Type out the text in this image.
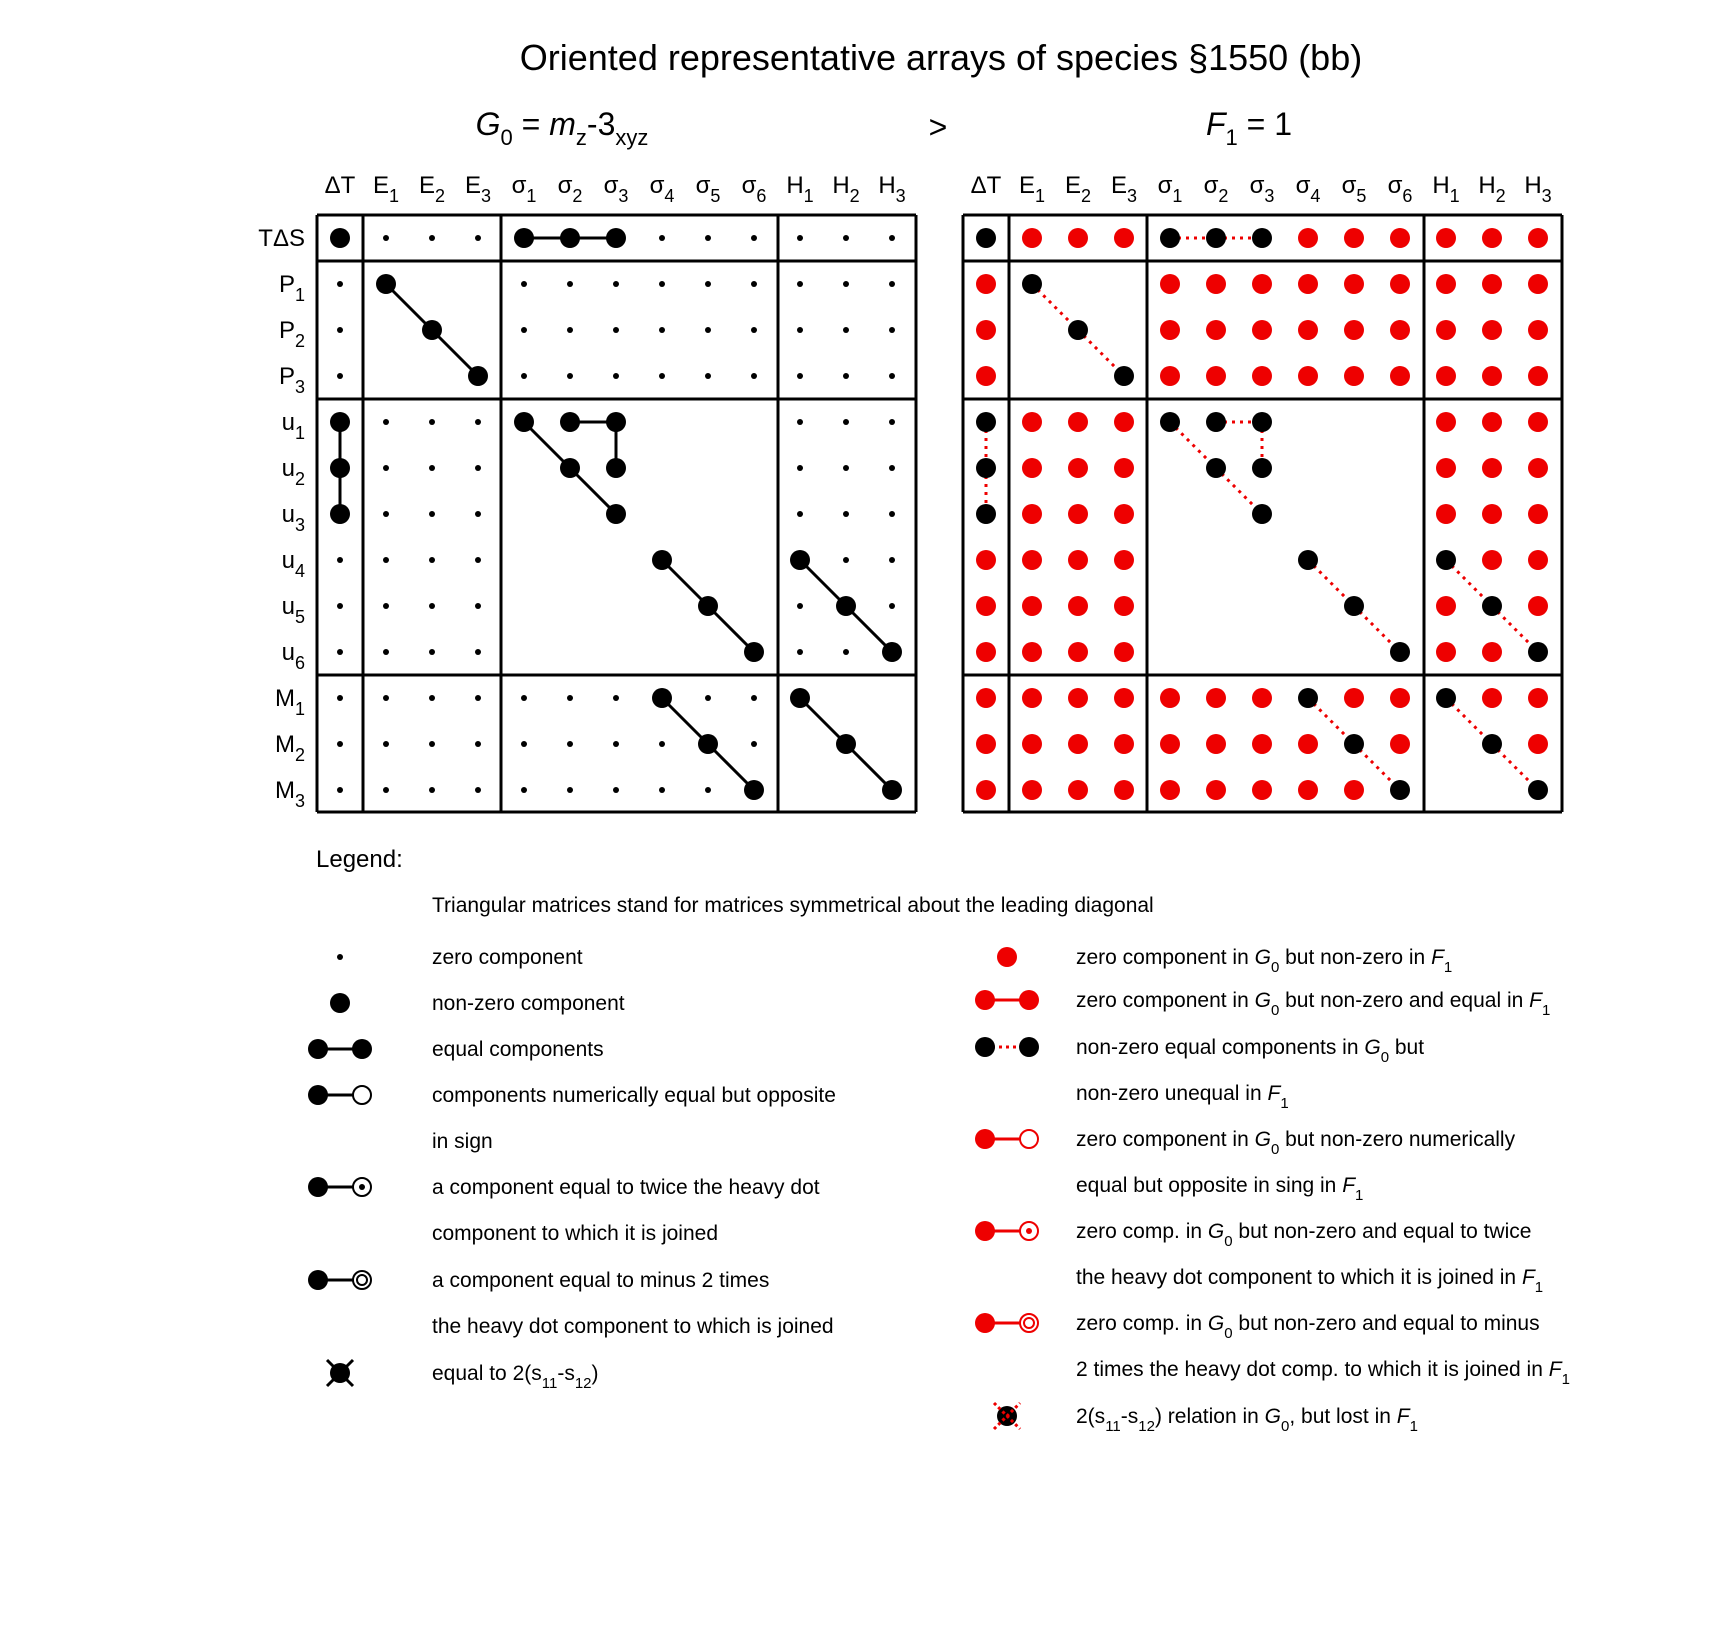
Oriented representative arrays of species §1550 (bb)
$G_0 = m_z-3_{xyz}$	>	$F_1 = 1$
ΔT $E_1$ $E_2$ $E_3$ $\sigma_1$ $\sigma_2$ $\sigma_3$ $\sigma_4$ $\sigma_5$ $\sigma_6$ $H_1$ $H_2$ $H_3$
TΔS
$P_1$
$P_2$
$P_3$
$u_1$
$u_2$
$u_3$
$u_4$
$u_5$
$u_6$
$M_1$
$M_2$
$M_3$
ΔT $E_1$ $E_2$ $E_3$ $\sigma_1$ $\sigma_2$ $\sigma_3$ $\sigma_4$ $\sigma_5$ $\sigma_6$ $H_1$ $H_2$ $H_3$
Legend:
Triangular matrices stand for matrices symmetrical about the leading diagonal
zero component
non-zero component
equal components
components numerically equal but opposite
in sign
a component equal to twice the heavy dot
component to which it is joined
a component equal to minus 2 times
the heavy dot component to which is joined
equal to $2(s_{11}-s_{12})$
zero component in $G_0$ but non-zero in $F_1$
zero component in $G_0$ but non-zero and equal in $F_1$
non-zero equal components in $G_0$ but
non-zero unequal in $F_1$
zero component in $G_0$ but non-zero numerically
equal but opposite in sing in $F_1$
zero comp. in $G_0$ but non-zero and equal to twice
the heavy dot component to which it is joined in $F_1$
zero comp. in $G_0$ but non-zero and equal to minus
2 times the heavy dot comp. to which it is joined in $F_1$
$2(s_{11}-s_{12})$ relation in $G_0$, but lost in $F_1$
